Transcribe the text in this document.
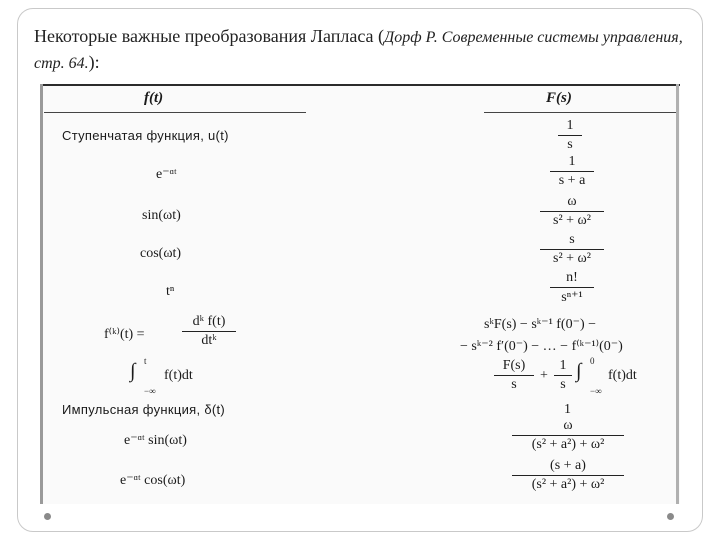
Некоторые важные преобразования Лапласа (Дорф Р. Современные системы управления, стр. 64.):
f(t)	F(s)
Ступенчатая функция, u(t)
1
s
e⁻ᵅᵗ
1
s + a
sin(ωt)
ω
s² + ω²
cos(ωt)
s
s² + ω²
tⁿ
n!
sⁿ⁺¹
f⁽ᵏ⁾(t) =
dᵏ f(t)
dtᵏ
sᵏF(s) − sᵏ⁻¹ f(0⁻) −
− sᵏ⁻² f′(0⁻) − … − f⁽ᵏ⁻¹⁾(0⁻)
∫ t
−∞
f(t)dt
F(s)
s
+
1
s
∫ 0
−∞
f(t)dt
Импульсная функция, δ(t)	1
e⁻ᵅᵗ sin(ωt)
ω
(s² + a²) + ω²
e⁻ᵅᵗ cos(ωt)
(s + a)
(s² + a²) + ω²
